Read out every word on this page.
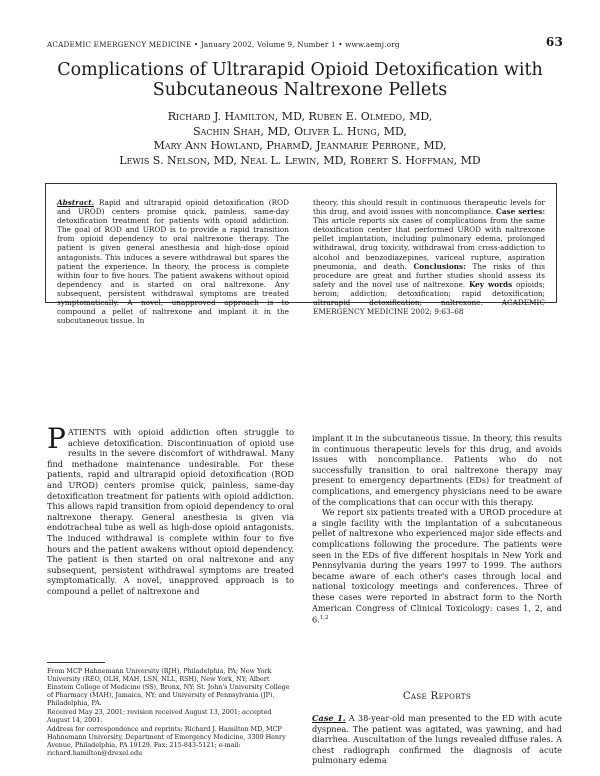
ACADEMIC EMERGENCY MEDICINE • January 2002, Volume 9, Number 1 • www.aemj.org	63
Complications of Ultrarapid Opioid Detoxification with
Subcutaneous Naltrexone Pellets
Richard J. Hamilton, MD, Ruben E. Olmedo, MD,
Sachin Shah, MD, Oliver L. Hung, MD,
Mary Ann Howland, PharmD, Jeanmarie Perrone, MD,
Lewis S. Nelson, MD, Neal L. Lewin, MD, Robert S. Hoffman, MD
Abstract. Rapid and ultrarapid opioid detoxification (ROD and UROD) centers promise quick, painless, same-day detoxification treatment for patients with opioid addiction. The goal of ROD and UROD is to provide a rapid transition from opioid dependency to oral naltrexone therapy. The patient is given general anesthesia and high-dose opioid antagonists. This induces a severe withdrawal but spares the patient the experience. In theory, the process is complete within four to five hours. The patient awakens without opioid dependency and is started on oral naltrexone. Any subsequent, persistent withdrawal symptoms are treated symptomatically. A novel, unapproved approach is to compound a pellet of naltrexone and implant it in the subcutaneous tissue. In
theory, this should result in continuous therapeutic levels for this drug, and avoid issues with noncompliance. Case series: This article reports six cases of complications from the same detoxification center that performed UROD with naltrexone pellet implantation, including pulmonary edema, prolonged withdrawal, drug toxicity, withdrawal from cross-addiction to alcohol and benzodiazepines, variceal rupture, aspiration pneumonia, and death. Conclusions: The risks of this procedure are great and further studies should assess its safety and the novel use of naltrexone. Key words opioids; heroin; addiction; detoxification; rapid detoxification; ultrarapid detoxification; naltrexone. ACADEMIC EMERGENCY MEDICINE 2002; 9:63–68

PATIENTS with opioid addiction often struggle to achieve detoxification. Discontinuation of opioid use results in the severe discomfort of withdrawal. Many find methadone maintenance undesirable. For these patients, rapid and ultrarapid opioid detoxification (ROD and UROD) centers promise quick, painless, same-day detoxification treatment for patients with opioid addiction. This allows rapid transition from opioid dependency to oral naltrexone therapy. General anesthesia is given via endotracheal tube as well as high-dose opioid antagonists. The induced withdrawal is complete within four to five hours and the patient awakens without opioid dependency. The patient is then started on oral naltrexone and any subsequent, persistent withdrawal symptoms are treated symptomatically. A novel, unapproved approach is to compound a pellet of naltrexone and

implant it in the subcutaneous tissue. In theory, this results in continuous therapeutic levels for this drug, and avoids issues with noncompliance. Patients who do not successfully transition to oral naltrexone therapy may present to emergency departments (EDs) for treatment of complications, and emergency physicians need to be aware of the complications that can occur with this therapy.

We report six patients treated with a UROD procedure at a single facility with the implantation of a subcutaneous pellet of naltrexone who experienced major side effects and complications following the procedure. The patients were seen in the EDs of five different hospitals in New York and Pennsylvania during the years 1997 to 1999. The authors became aware of each other's cases through local and national toxicology meetings and conferences. Three of these cases were reported in abstract form to the North American Congress of Clinical Toxicology: cases 1, 2, and 6.$^{1,2}$

From MCP Hahnemann University (RJH), Philadelphia, PA; New York University (REO, OLH, MAH, LSN, NLL, RSH), New York, NY; Albert Einstein College of Medicine (SS), Bronx, NY; St. John's University College of Pharmacy (MAH), Jamaica, NY; and University of Pennsylvania (JP), Philadelphia, PA.

Received May 23, 2001; revision received August 13, 2001; accepted August 14, 2001.

Address for correspondence and reprints: Richard J. Hamilton MD, MCP Hahnemann University, Department of Emergency Medicine, 3300 Henry Avenue, Philadelphia, PA 19129. Fax: 215-843-5121; e-mail: richard.hamilton@drexel.edu

Case Reports
Case 1. A 38-year-old man presented to the ED with acute dyspnea. The patient was agitated, was yawning, and had diarrhea. Auscultation of the lungs revealed diffuse rales. A chest radiograph confirmed the diagnosis of acute pulmonary edema
